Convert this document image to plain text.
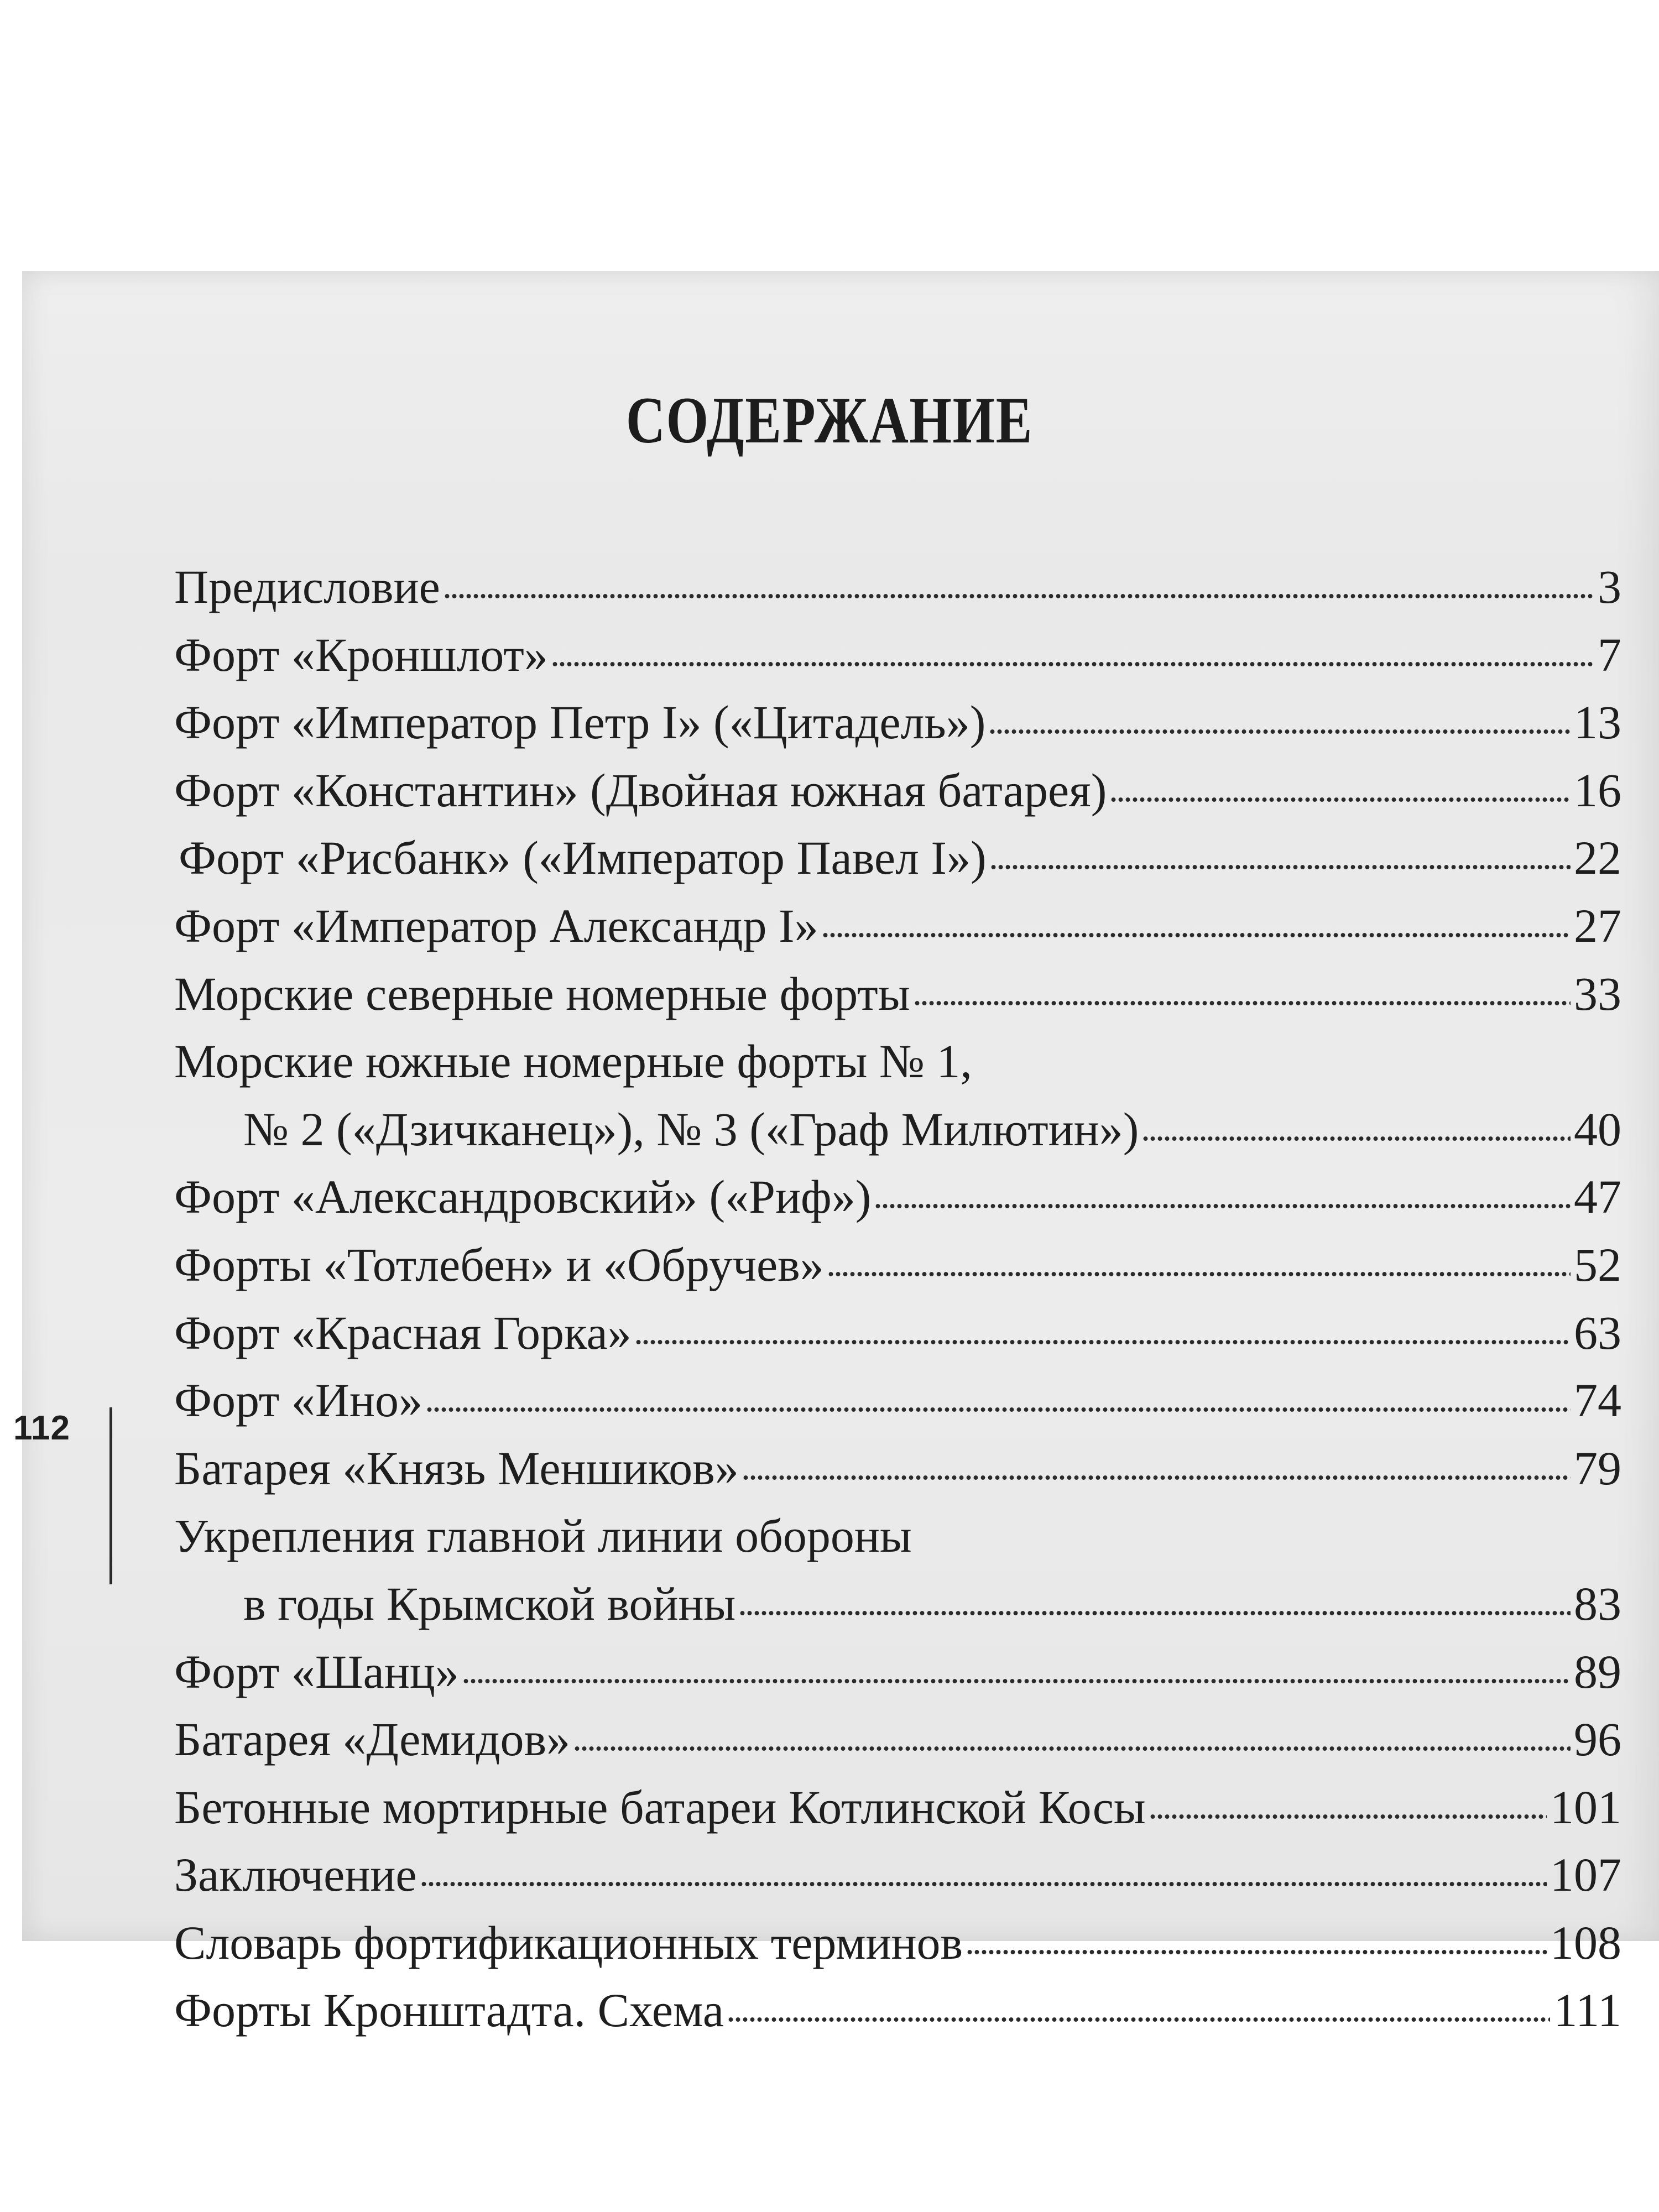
СОДЕРЖАНИЕ
Предисловие	3
Форт «Кроншлот»	7
Форт «Император Петр I» («Цитадель»)	13
Форт «Константин» (Двойная южная батарея)	16
Форт «Рисбанк» («Император Павел I»)	22
Форт «Император Александр I»	27
Морские северные номерные форты	33
Морские южные номерные форты № 1,
№ 2 («Дзичканец»), № 3 («Граф Милютин»)	40
Форт «Александровский» («Риф»)	47
Форты «Тотлебен» и «Обручев»	52
Форт «Красная Горка»	63
Форт «Ино»	74
Батарея «Князь Меншиков»	79
Укрепления главной линии обороны
в годы Крымской войны	83
Форт «Шанц»	89
Батарея «Демидов»	96
Бетонные мортирные батареи Котлинской Косы	101
Заключение	107
Словарь фортификационных терминов	108
Форты Кронштадта. Схема	111
112
